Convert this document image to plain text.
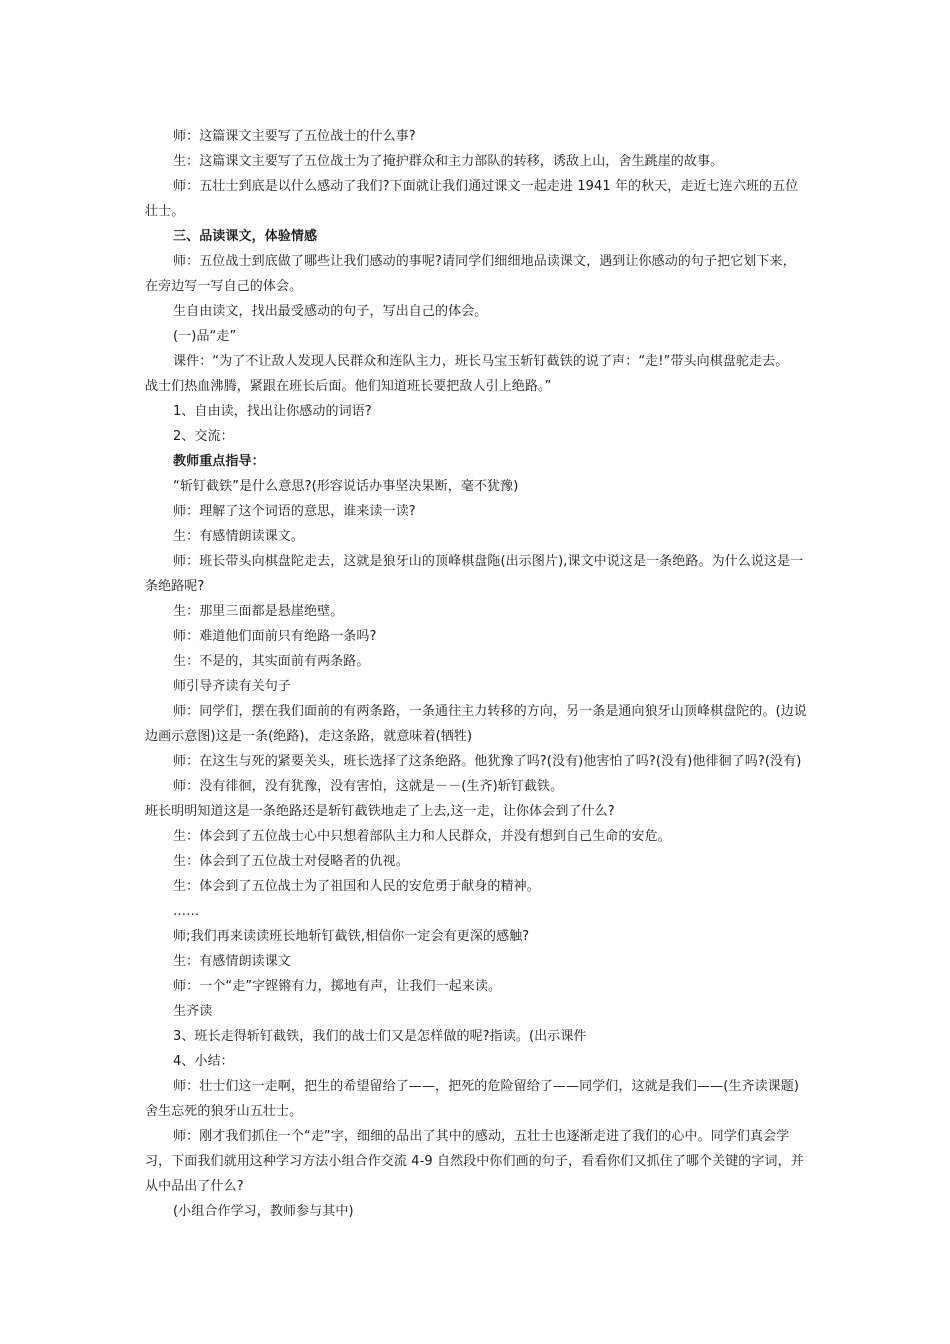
师：这篇课文主要写了五位战士的什么事?
生：这篇课文主要写了五位战士为了掩护群众和主力部队的转移，诱敌上山，舍生跳崖的故事。
师：五壮士到底是以什么感动了我们?下面就让我们通过课文一起走进 1941 年的秋天，走近七连六班的五位
壮士。
三、品读课文，体验情感
师：五位战士到底做了哪些让我们感动的事呢?请同学们细细地品读课文，遇到让你感动的句子把它划下来，
在旁边写一写自己的体会。
生自由读文，找出最受感动的句子，写出自己的体会。
(一)品“走”
课件：“为了不让敌人发现人民群众和连队主力，班长马宝玉斩钉截铁的说了声：“走!”带头向棋盘驼走去。
战士们热血沸腾，紧跟在班长后面。他们知道班长要把敌人引上绝路。”
1、自由读，找出让你感动的词语?
2、交流：
教师重点指导：
“斩钉截铁”是什么意思?(形容说话办事坚决果断，毫不犹豫)
师：理解了这个词语的意思，谁来读一读?
生：有感情朗读课文。
师：班长带头向棋盘陀走去，这就是狼牙山的顶峰棋盘陁(出示图片),课文中说这是一条绝路。为什么说这是一
条绝路呢?
生：那里三面都是悬崖绝壁。
师：难道他们面前只有绝路一条吗?
生：不是的，其实面前有两条路。
师引导齐读有关句子
师：同学们，摆在我们面前的有两条路，一条通往主力转移的方向，另一条是通向狼牙山顶峰棋盘陀的。(边说
边画示意图)这是一条(绝路)，走这条路，就意味着(牺牲)
师：在这生与死的紧要关头，班长选择了这条绝路。他犹豫了吗?(没有)他害怕了吗?(没有)他徘徊了吗?(没有)
师：没有徘徊，没有犹豫，没有害怕，这就是－－(生齐)斩钉截铁。
班长明明知道这是一条绝路还是斩钉截铁地走了上去,这一走，让你体会到了什么?
生：体会到了五位战士心中只想着部队主力和人民群众，并没有想到自己生命的安危。
生：体会到了五位战士对侵略者的仇视。
生：体会到了五位战士为了祖国和人民的安危勇于献身的精神。
……
师;我们再来读读班长地斩钉截铁,相信你一定会有更深的感触?
生：有感情朗读课文
师：一个“走”字铿锵有力，掷地有声，让我们一起来读。
生齐读
3、班长走得斩钉截铁，我们的战士们又是怎样做的呢?指读。(出示课件
4、小结：
师：壮士们这一走啊，把生的希望留给了——，把死的危险留给了——同学们，这就是我们——(生齐读课题)
舍生忘死的狼牙山五壮士。
师：刚才我们抓住一个“走”字，细细的品出了其中的感动，五壮士也逐渐走进了我们的心中。同学们真会学
习，下面我们就用这种学习方法小组合作交流 4-9 自然段中你们画的句子，看看你们又抓住了哪个关键的字词，并
从中品出了什么?
(小组合作学习，教师参与其中)
